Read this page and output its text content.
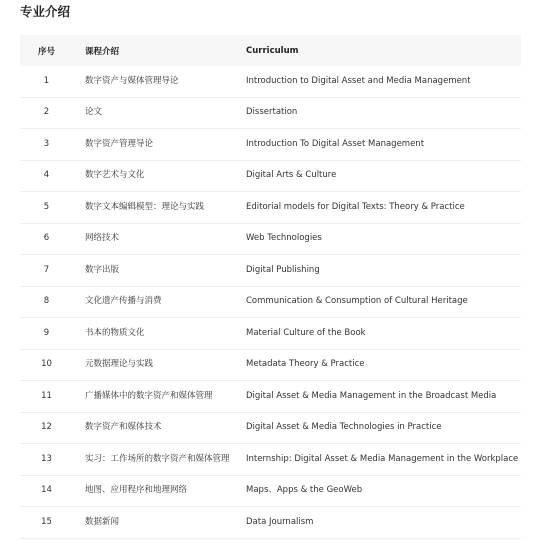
专业介绍
序号	课程介绍	Curriculum
1	数字资产与媒体管理导论	Introduction to Digital Asset and Media Management
2	论文	Dissertation
3	数字资产管理导论	Introduction To Digital Asset Management
4	数字艺术与文化	Digital Arts & Culture
5	数字文本编辑模型：理论与实践	Editorial models for Digital Texts: Theory & Practice
6	网络技术	Web Technologies
7	数字出版	Digital Publishing
8	文化遗产传播与消费	Communication & Consumption of Cultural Heritage
9	书本的物质文化	Material Culture of the Book
10	元数据理论与实践	Metadata Theory & Practice
11	广播媒体中的数字资产和媒体管理	Digital Asset & Media Management in the Broadcast Media
12	数字资产和媒体技术	Digital Asset & Media Technologies in Practice
13	实习：工作场所的数字资产和媒体管理	Internship: Digital Asset & Media Management in the Workplace
14	地图、应用程序和地理网络	Maps、Apps & the GeoWeb
15	数据新闻	Data Journalism
